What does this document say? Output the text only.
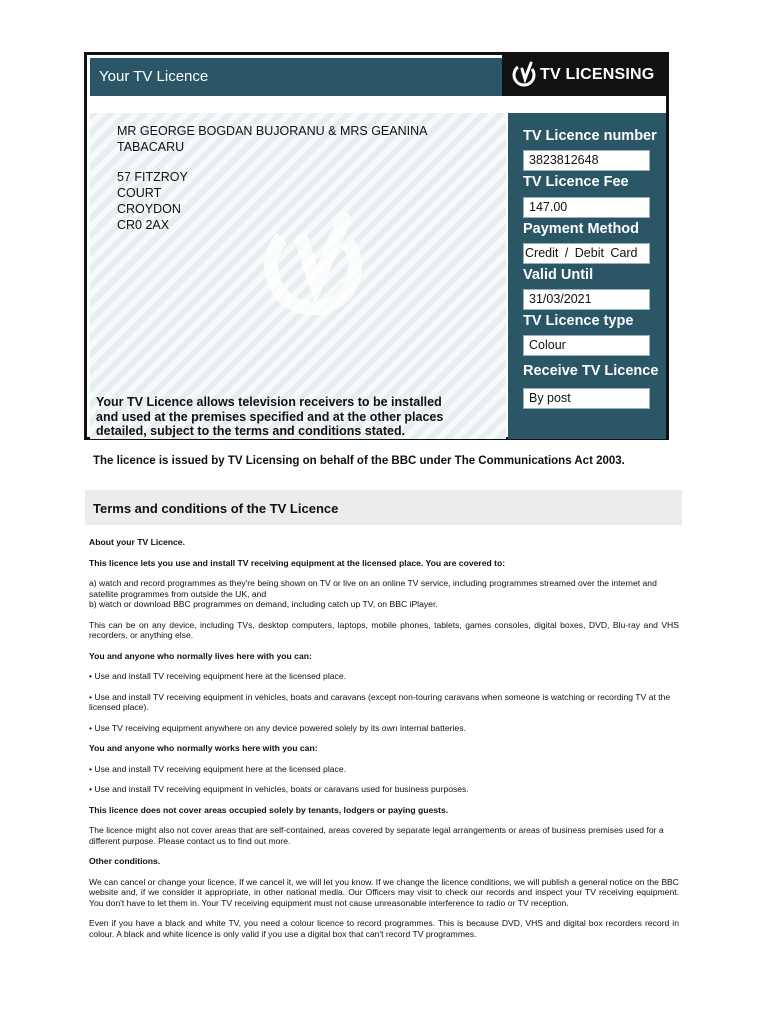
Your TV Licence	TV LICENSING
MR GEORGE BOGDAN BUJORANU & MRS GEANINA TABACARU
57 FITZROY
COURT
CROYDON
CR0 2AX
Your TV Licence allows television receivers to be installed and used at the premises specified and at the other places detailed, subject to the terms and conditions stated.
TV Licence number
3823812648
TV Licence Fee
147.00
Payment Method
Credit / Debit Card
Valid Until
31/03/2021
TV Licence type
Colour
Receive TV Licence
By post
The licence is issued by TV Licensing on behalf of the BBC under The Communications Act 2003.
Terms and conditions of the TV Licence

About your TV Licence.

This licence lets you use and install TV receiving equipment at the licensed place. You are covered to:

a) watch and record programmes as they're being shown on TV or live on an online TV service, including programmes streamed over the internet and satellite programmes from outside the UK, and
b) watch or download BBC programmes on demand, including catch up TV, on BBC iPlayer.

This can be on any device, including TVs, desktop computers, laptops, mobile phones, tablets, games consoles, digital boxes, DVD, Blu-ray and VHS recorders, or anything else.

You and anyone who normally lives here with you can:

• Use and install TV receiving equipment here at the licensed place.

• Use and install TV receiving equipment in vehicles, boats and caravans (except non-touring caravans when someone is watching or recording TV at the licensed place).

• Use TV receiving equipment anywhere on any device powered solely by its own internal batteries.

You and anyone who normally works here with you can:

• Use and install TV receiving equipment here at the licensed place.

• Use and install TV receiving equipment in vehicles, boats or caravans used for business purposes.

This licence does not cover areas occupied solely by tenants, lodgers or paying guests.

The licence might also not cover areas that are self-contained, areas covered by separate legal arrangements or areas of business premises used for a different purpose. Please contact us to find out more.

Other conditions.

We can cancel or change your licence. If we cancel it, we will let you know. If we change the licence conditions, we will publish a general notice on the BBC website and, if we consider it appropriate, in other national media. Our Officers may visit to check our records and inspect your TV receiving equipment. You don't have to let them in. Your TV receiving equipment must not cause unreasonable interference to radio or TV reception.

Even if you have a black and white TV, you need a colour licence to record programmes. This is because DVD, VHS and digital box recorders record in colour. A black and white licence is only valid if you use a digital box that can't record TV programmes.
